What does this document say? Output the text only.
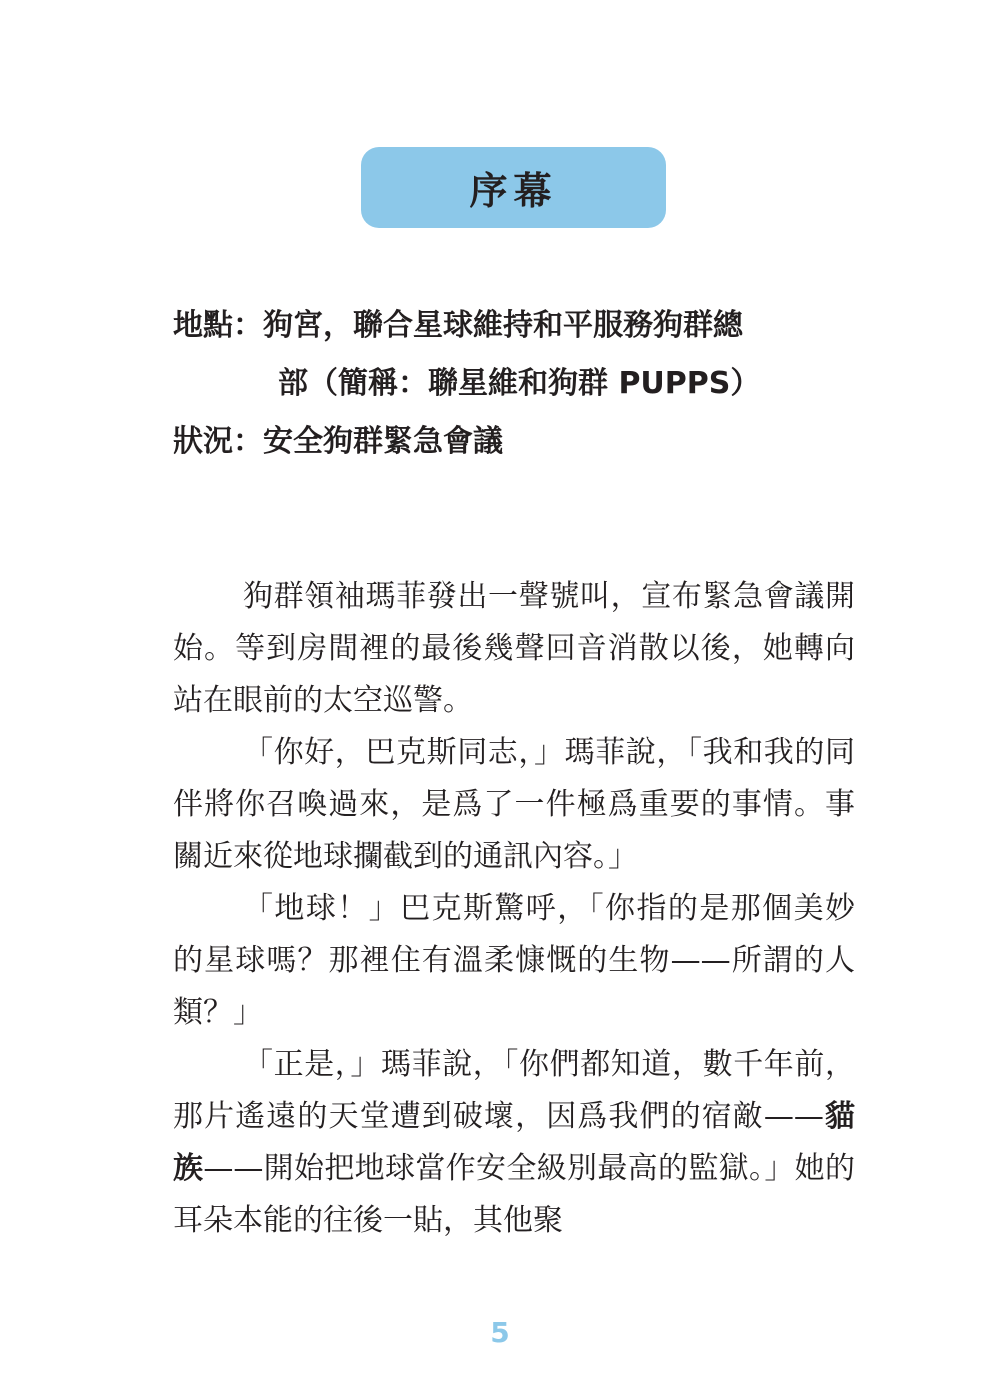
序幕
地點：狗宮，聯合星球維持和平服務狗群總
部（簡稱：聯星維和狗群 PUPPS）
狀況：安全狗群緊急會議

狗群領袖瑪菲發出一聲號叫，宣布緊急會議開始。等到房間裡的最後幾聲回音消散以後，她轉向站在眼前的太空巡警。

「你好，巴克斯同志，」瑪菲說，「我和我的同伴將你召喚過來，是爲了一件極爲重要的事情。事關近來從地球攔截到的通訊內容。」

「地球！」巴克斯驚呼，「你指的是那個美妙的星球嗎？那裡住有溫柔慷慨的生物——所謂的人類？」

「正是，」瑪菲說，「你們都知道，數千年前，那片遙遠的天堂遭到破壞，因爲我們的宿敵——貓族——開始把地球當作安全級別最高的監獄。」她的耳朵本能的往後一貼，其他聚

5
